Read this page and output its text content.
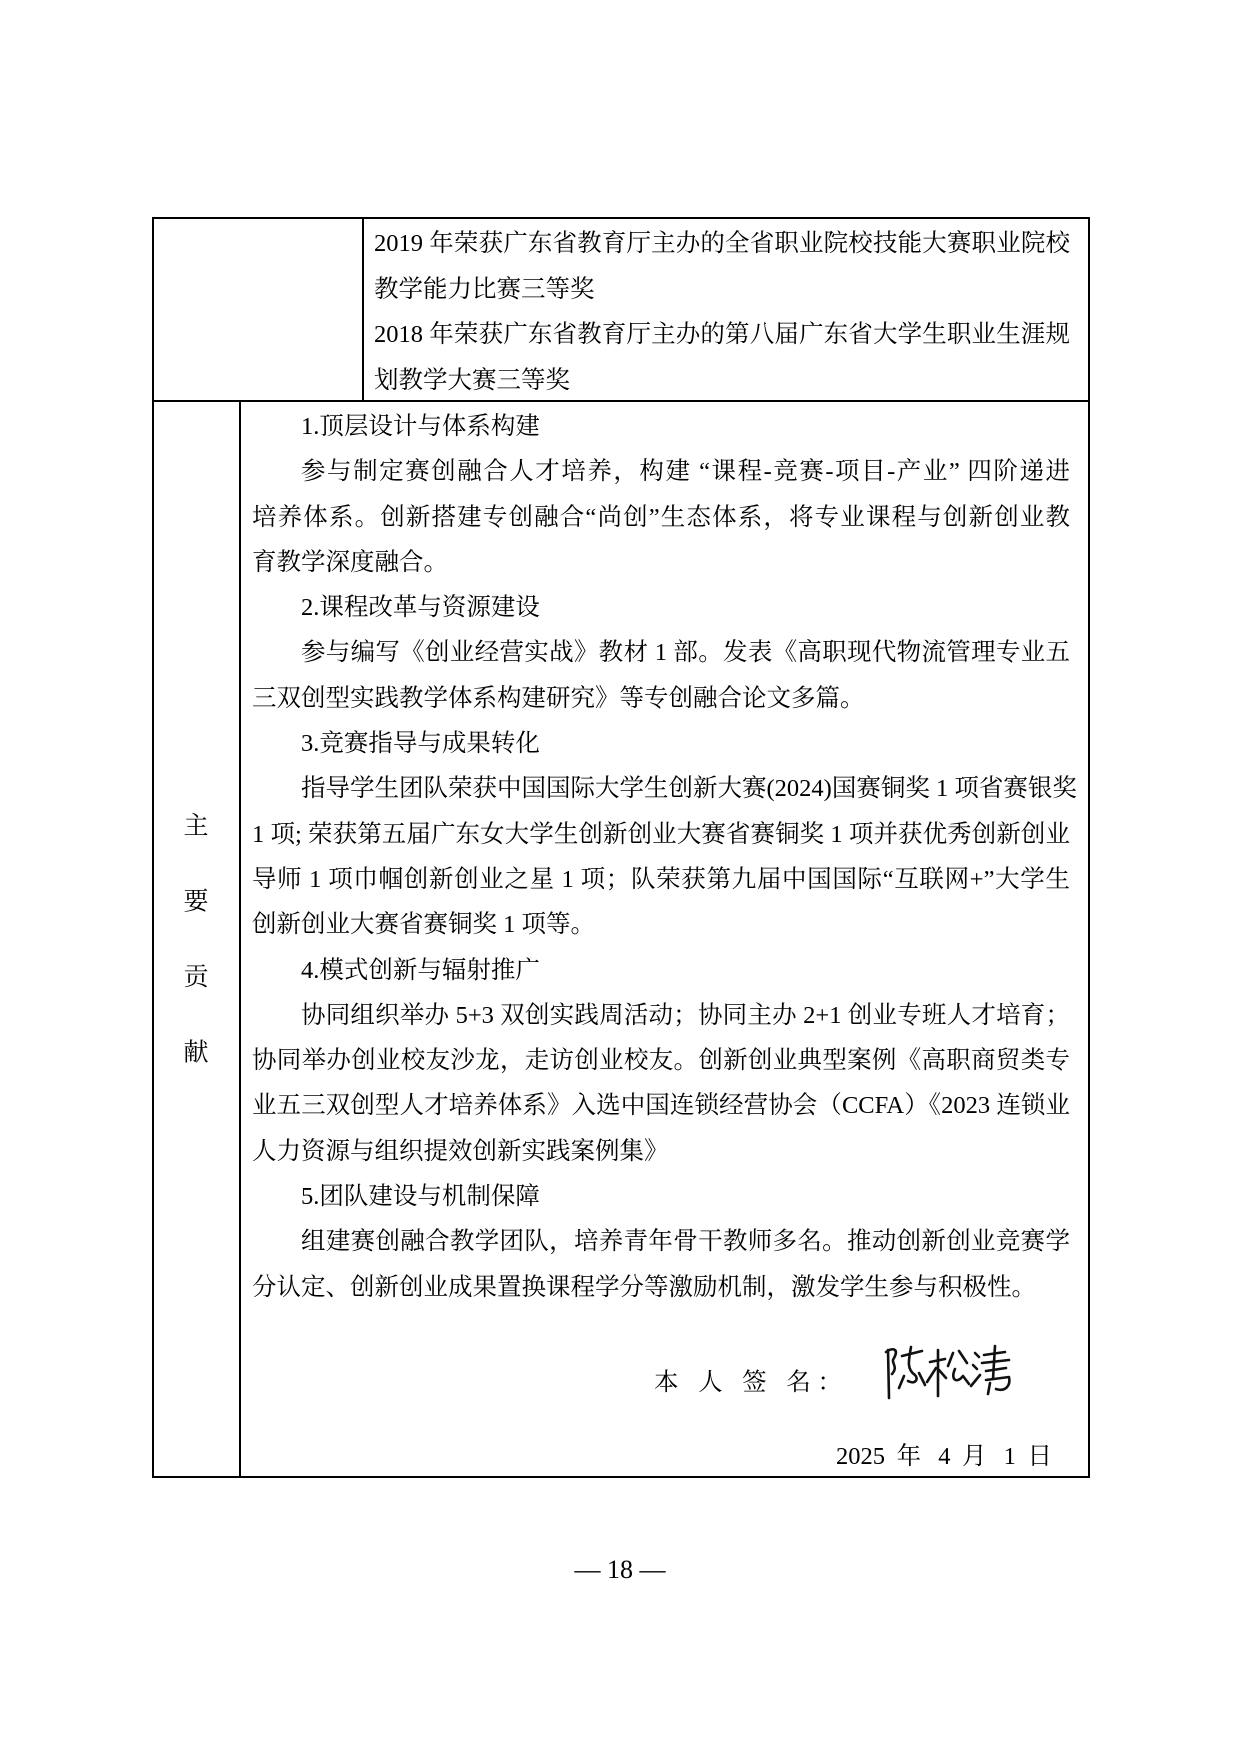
2019 年荣获广东省教育厅主办的全省职业院校技能大赛职业院校
教学能力比赛三等奖
2018 年荣获广东省教育厅主办的第八届广东省大学生职业生涯规
划教学大赛三等奖
主要贡献
1.顶层设计与体系构建
参与制定赛创融合人才培养，构建 “课程-竞赛-项目-产业” 四阶递进
培养体系。创新搭建专创融合“尚创”生态体系，将专业课程与创新创业教
育教学深度融合。
2.课程改革与资源建设
参与编写《创业经营实战》教材 1 部。发表《高职现代物流管理专业五
三双创型实践教学体系构建研究》等专创融合论文多篇。
3.竞赛指导与成果转化
指导学生团队荣获中国国际大学生创新大赛(2024)国赛铜奖 1 项省赛银奖
1 项; 荣获第五届广东女大学生创新创业大赛省赛铜奖 1 项并获优秀创新创业
导师 1 项巾帼创新创业之星 1 项；队荣获第九届中国国际“互联网+”大学生
创新创业大赛省赛铜奖 1 项等。
4.模式创新与辐射推广
协同组织举办 5+3 双创实践周活动；协同主办 2+1 创业专班人才培育；
协同举办创业校友沙龙，走访创业校友。创新创业典型案例《高职商贸类专
业五三双创型人才培养体系》入选中国连锁经营协会（CCFA）《2023 连锁业
人力资源与组织提效创新实践案例集》
5.团队建设与机制保障
组建赛创融合教学团队，培养青年骨干教师多名。推动创新创业竞赛学
分认定、创新创业成果置换课程学分等激励机制，激发学生参与积极性。
本 人 签 名：
2025 年 4 月 1 日
— 18 —
